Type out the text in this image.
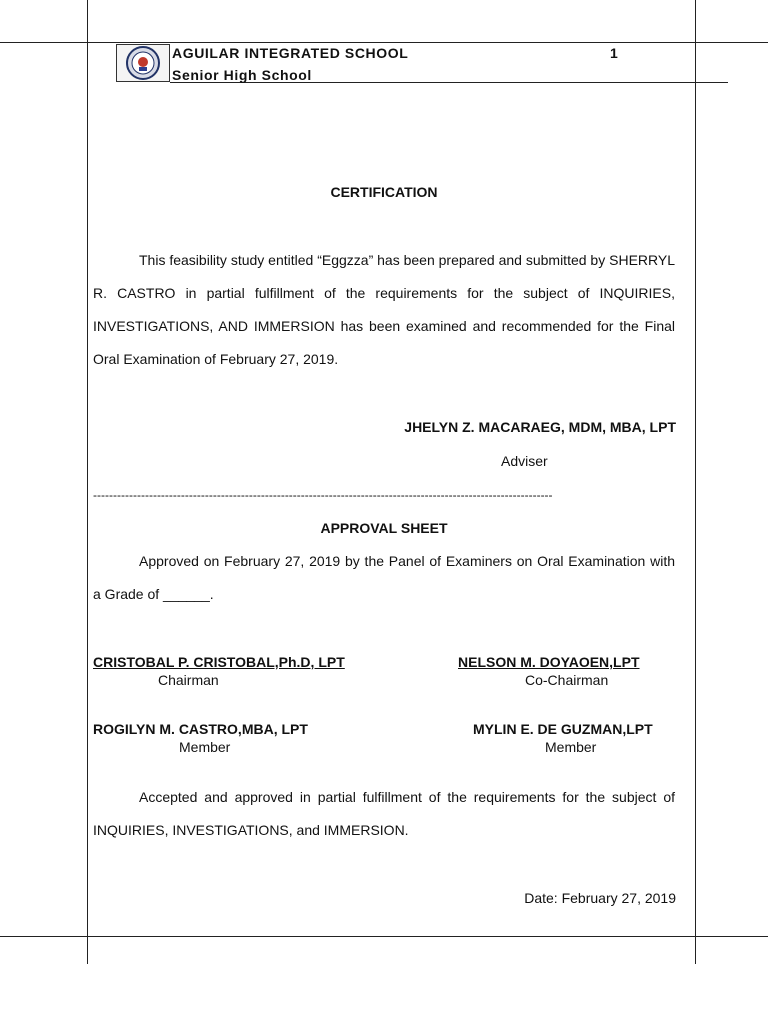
AGUILAR INTEGRATED SCHOOL
Senior High School
1
CERTIFICATION
This feasibility study entitled “Eggzza” has been prepared and submitted by SHERRYL R. CASTRO in partial fulfillment of the requirements for the subject of INQUIRIES, INVESTIGATIONS, AND IMMERSION has been examined and recommended for the Final Oral Examination of February 27, 2019.
JHELYN Z. MACARAEG, MDM, MBA, LPT
Adviser
-------------------------------------------------------------------------------------------------------------------
APPROVAL SHEET
Approved on February 27, 2019 by the Panel of Examiners on Oral Examination with a Grade of ______.
CRISTOBAL P. CRISTOBAL,Ph.D, LPT
Chairman
NELSON M. DOYAOEN,LPT
Co-Chairman
ROGILYN M. CASTRO,MBA, LPT
Member
MYLIN E. DE GUZMAN,LPT
Member
Accepted and approved in partial fulfillment of the requirements for the subject of INQUIRIES, INVESTIGATIONS, and IMMERSION.
Date: February 27, 2019
